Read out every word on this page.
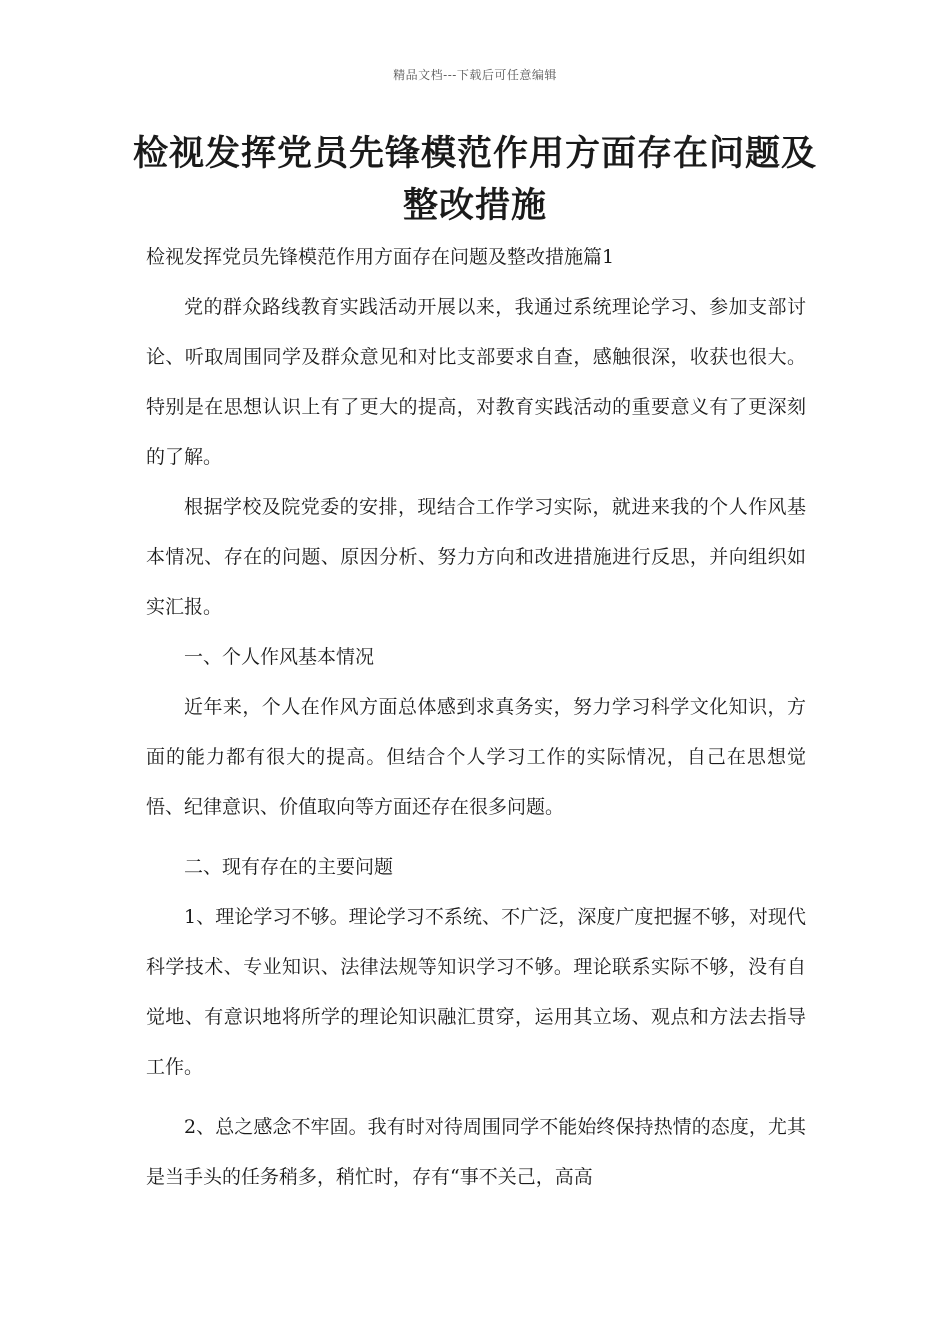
精品文档---下载后可任意编辑
检视发挥党员先锋模范作用方面存在问题及整改措施

检视发挥党员先锋模范作用方面存在问题及整改措施篇1

党的群众路线教育实践活动开展以来，我通过系统理论学习、参加支部讨论、听取周围同学及群众意见和对比支部要求自查，感触很深，收获也很大。特别是在思想认识上有了更大的提高，对教育实践活动的重要意义有了更深刻的了解。

根据学校及院党委的安排，现结合工作学习实际，就进来我的个人作风基本情况、存在的问题、原因分析、努力方向和改进措施进行反思，并向组织如实汇报。

一、个人作风基本情况

近年来，个人在作风方面总体感到求真务实，努力学习科学文化知识，方面的能力都有很大的提高。但结合个人学习工作的实际情况，自己在思想觉悟、纪律意识、价值取向等方面还存在很多问题。

二、现有存在的主要问题

1、理论学习不够。理论学习不系统、不广泛，深度广度把握不够，对现代科学技术、专业知识、法律法规等知识学习不够。理论联系实际不够，没有自觉地、有意识地将所学的理论知识融汇贯穿，运用其立场、观点和方法去指导工作。

2、总之感念不牢固。我有时对待周围同学不能始终保持热情的态度，尤其是当手头的任务稍多，稍忙时，存有“事不关己，高高
